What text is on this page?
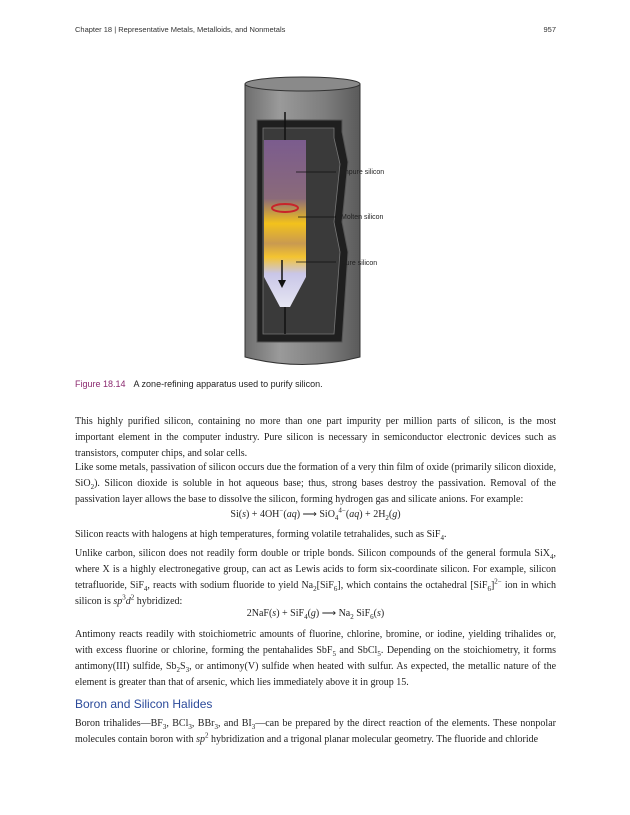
Chapter 18 | Representative Metals, Metalloids, and Nonmetals	957
Impure silicon
Molten silicon
Pure silicon
Figure 18.14 A zone-refining apparatus used to purify silicon.

This highly purified silicon, containing no more than one part impurity per million parts of silicon, is the most important element in the computer industry. Pure silicon is necessary in semiconductor electronic devices such as transistors, computer chips, and solar cells.

Like some metals, passivation of silicon occurs due the formation of a very thin film of oxide (primarily silicon dioxide, SiO$_2$). Silicon dioxide is soluble in hot aqueous base; thus, strong bases destroy the passivation. Removal of the passivation layer allows the base to dissolve the silicon, forming hydrogen gas and silicate anions. For example:

Si(s) + 4OH−(aq) ⟶ $SiO_4^{4-}(aq) + 2H_2(g)$

Silicon reacts with halogens at high temperatures, forming volatile tetrahalides, such as SiF$_4$.

Unlike carbon, silicon does not readily form double or triple bonds. Silicon compounds of the general formula SiX$_4$, where X is a highly electronegative group, can act as Lewis acids to form six-coordinate silicon. For example, silicon tetrafluoride, SiF$_4$, reacts with sodium fluoride to yield $Na_2[SiF_6]$, which contains the octahedral $[SiF_6]^{2-}$ ion in which silicon is $sp^3d^2$ hybridized:

2NaF(s) + SiF$_4$(g) ⟶ $Na_2$ SiF$_6$(s)

Antimony reacts readily with stoichiometric amounts of fluorine, chlorine, bromine, or iodine, yielding trihalides or, with excess fluorine or chlorine, forming the pentahalides SbF$_5$ and SbCl$_5$. Depending on the stoichiometry, it forms antimony(III) sulfide, $Sb_2S_3$, or antimony(V) sulfide when heated with sulfur. As expected, the metallic nature of the element is greater than that of arsenic, which lies immediately above it in group 15.

Boron and Silicon Halides

Boron $trihalides—BF_3$, BCl$_3$, BBr$_3$, and $BI_3—can$ be prepared by the direct reaction of the elements. These nonpolar molecules contain boron with $sp^2$ hybridization and a trigonal planar molecular geometry. The fluoride and chloride
